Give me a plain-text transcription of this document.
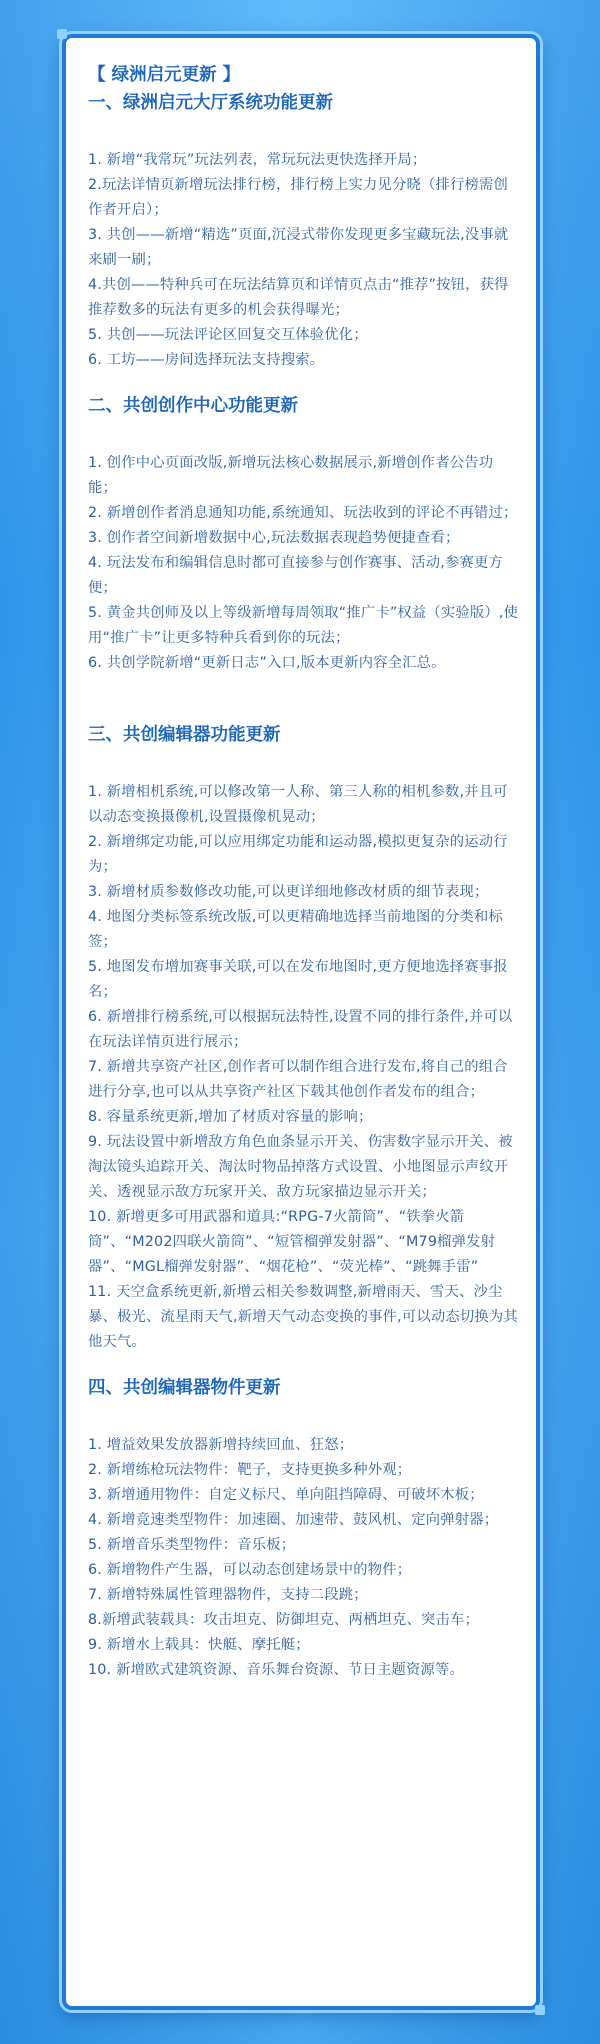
【 绿洲启元更新 】
一、绿洲启元大厅系统功能更新
1. 新增“我常玩”玩法列表，常玩玩法更快选择开局；
2.玩法详情页新增玩法排行榜，排行榜上实力见分晓（排行榜需创作者开启）；
3. 共创——新增“精选”页面,沉浸式带你发现更多宝藏玩法,没事就来刷一刷；
4.共创——特种兵可在玩法结算页和详情页点击“推荐”按钮，获得推荐数多的玩法有更多的机会获得曝光；
5. 共创——玩法评论区回复交互体验优化；
6. 工坊——房间选择玩法支持搜索。
二、共创创作中心功能更新
1. 创作中心页面改版,新增玩法核心数据展示,新增创作者公告功能；
2. 新增创作者消息通知功能,系统通知、玩法收到的评论不再错过；
3. 创作者空间新增数据中心,玩法数据表现趋势便捷查看；
4. 玩法发布和编辑信息时都可直接参与创作赛事、活动,参赛更方便；
5. 黄金共创师及以上等级新增每周领取“推广卡”权益（实验版）,使用“推广卡”让更多特种兵看到你的玩法；
6. 共创学院新增“更新日志”入口,版本更新内容全汇总。
三、共创编辑器功能更新
1. 新增相机系统,可以修改第一人称、第三人称的相机参数,并且可以动态变换摄像机,设置摄像机晃动；
2. 新增绑定功能,可以应用绑定功能和运动器,模拟更复杂的运动行为；
3. 新增材质参数修改功能,可以更详细地修改材质的细节表现；
4. 地图分类标签系统改版,可以更精确地选择当前地图的分类和标签；
5. 地图发布增加赛事关联,可以在发布地图时,更方便地选择赛事报名；
6. 新增排行榜系统,可以根据玩法特性,设置不同的排行条件,并可以在玩法详情页进行展示；
7. 新增共享资产社区,创作者可以制作组合进行发布,将自己的组合进行分享,也可以从共享资产社区下载其他创作者发布的组合；
8. 容量系统更新,增加了材质对容量的影响；
9. 玩法设置中新增敌方角色血条显示开关、伤害数字显示开关、被淘汰镜头追踪开关、淘汰时物品掉落方式设置、小地图显示声纹开关、透视显示敌方玩家开关、敌方玩家描边显示开关；
10. 新增更多可用武器和道具:“RPG-7火箭筒”、“铁拳火箭筒”、“M202四联火箭筒”、“短管榴弹发射器”、“M79榴弹发射器”、“MGL榴弹发射器”、“烟花枪”、“荧光棒”、“跳舞手雷”
11. 天空盒系统更新,新增云相关参数调整,新增雨天、雪天、沙尘暴、极光、流星雨天气,新增天气动态变换的事件,可以动态切换为其他天气。
四、共创编辑器物件更新
1. 增益效果发放器新增持续回血、狂怒；
2. 新增练枪玩法物件：靶子，支持更换多种外观；
3. 新增通用物件：自定义标尺、单向阻挡障碍、可破坏木板；
4. 新增竞速类型物件：加速圈、加速带、鼓风机、定向弹射器；
5. 新增音乐类型物件：音乐板；
6. 新增物件产生器，可以动态创建场景中的物件；
7. 新增特殊属性管理器物件，支持二段跳；
8.新增武装载具：攻击坦克、防御坦克、两栖坦克、突击车；
9. 新增水上载具：快艇、摩托艇；
10. 新增欧式建筑资源、音乐舞台资源、节日主题资源等。
